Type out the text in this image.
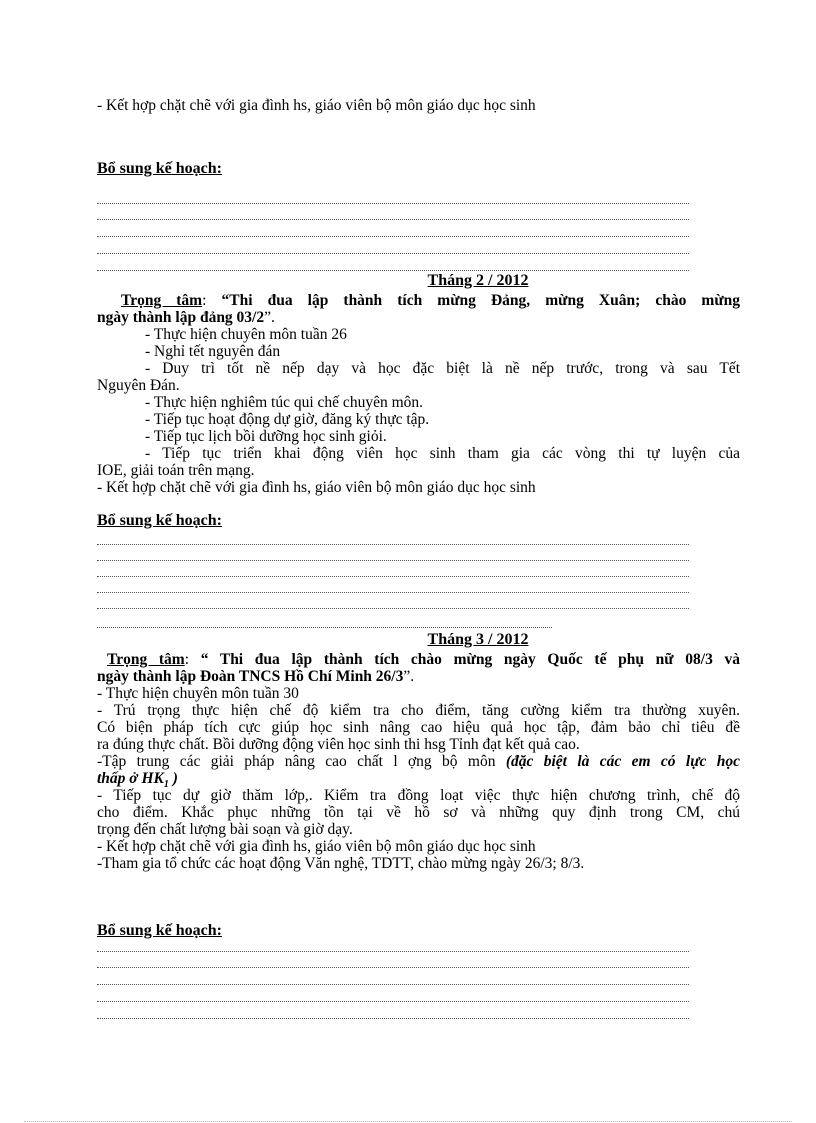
- Kết hợp chặt chẽ với gia đình hs, giáo viên bộ môn giáo dục học sinh
Bổ sung kế hoạch:
Tháng 2 / 2012
Trọng tâm: “Thi đua lập thành tích mừng Đảng, mừng Xuân; chào mừng
ngày thành lập đảng 03/2”.
- Thực hiện chuyên môn tuần 26
- Nghỉ tết nguyên đán
- Duy trì tốt nề nếp dạy và học đặc biệt là nề nếp trước, trong và sau Tết
Nguyên Đán.
- Thực hiện nghiêm túc qui chế chuyên môn.
- Tiếp tục hoạt động dự giờ, đăng ký thực tập.
- Tiếp tục lịch bồi dưỡng học sinh giỏi.
- Tiếp tục triển khai động viên học sinh tham gia các vòng thi tự luyện của
IOE, giải toán trên mạng.
- Kết hợp chặt chẽ với gia đình hs, giáo viên bộ môn giáo dục học sinh
Bổ sung kế hoạch:
Tháng 3 / 2012
Trọng tâm: “ Thi đua lập thành tích chào mừng ngày Quốc tế phụ nữ 08/3 và
ngày thành lập Đoàn TNCS Hồ Chí Minh 26/3”.
- Thực hiện chuyên môn tuần 30
- Trú trọng thực hiện chế độ kiểm tra cho điểm, tăng cường kiểm tra thường xuyên.
Có biện pháp tích cực giúp học sinh nâng cao hiệu quả học tập, đảm bảo chỉ tiêu đề
ra đúng thực chất. Bồi dưỡng động viên học sinh thi hsg Tỉnh đạt kết quả cao.
-Tập trung các giải pháp nâng cao chất l ợng bộ môn (đặc biệt là các em có lực học
thấp ở $HK_1$ )
- Tiếp tục dự giờ thăm lớp,. Kiểm tra đồng loạt việc thực hiện chương trình, chế độ
cho điểm. Khắc phục những tồn tại về hồ sơ và những quy định trong CM, chú
trọng đến chất lượng bài soạn và giờ dạy.
- Kết hợp chặt chẽ với gia đình hs, giáo viên bộ môn giáo dục học sinh
-Tham gia tổ chức các hoạt động Văn nghệ, TDTT, chào mừng ngày 26/3; 8/3.
Bổ sung kế hoạch:
